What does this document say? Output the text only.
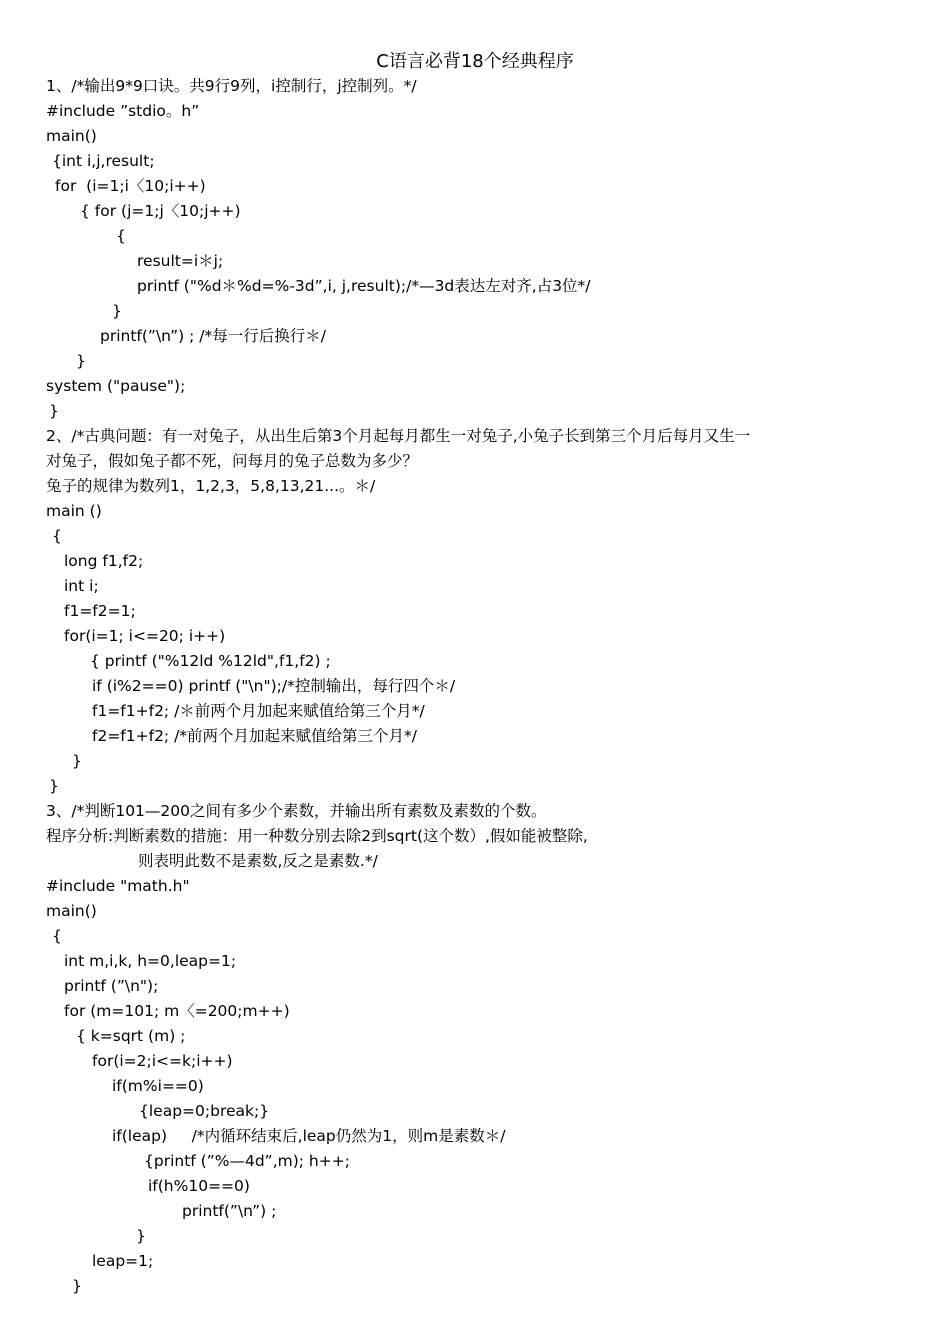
C语言必背18个经典程序
1、/*输出9*9口诀。共9行9列，i控制行，j控制列。*/
#include ”stdio。h”
main()
{int i,j,result;
for  (i=1;i〈10;i++)
{ for (j=1;j〈10;j++)
{
result=i＊j;
printf ("%d＊%d=%-3d”,i, j,result);/*—3d表达左对齐,占3位*/
}
printf(”\n”) ; /*每一行后换行＊/
}
system ("pause");
}
2、/*古典问题：有一对兔子，从出生后第3个月起每月都生一对兔子,小兔子长到第三个月后每月又生一
对兔子，假如兔子都不死，问每月的兔子总数为多少？
兔子的规律为数列1，1,2,3，5,8,13,21...。＊/
main ()
{
long f1,f2;
int i;
f1=f2=1;
for(i=1; i<=20; i++)
{ printf ("%12ld %12ld",f1,f2) ;
if (i%2==0) printf ("\n");/*控制输出，每行四个＊/
f1=f1+f2; /＊前两个月加起来赋值给第三个月*/
f2=f1+f2; /*前两个月加起来赋值给第三个月*/
}
}
3、/*判断101—200之间有多少个素数，并输出所有素数及素数的个数。
程序分析:判断素数的措施：用一种数分别去除2到sqrt(这个数）,假如能被整除,
则表明此数不是素数,反之是素数.*/
#include "math.h"
main()
{
int m,i,k, h=0,leap=1;
printf (”\n");
for (m=101; m〈=200;m++)
{ k=sqrt (m) ;
for(i=2;i<=k;i++)
if(m%i==0)
{leap=0;break;}
if(leap)     /*内循环结束后,leap仍然为1，则m是素数＊/
{printf (”%—4d”,m); h++;
if(h%10==0)
printf(”\n”) ;
}
leap=1;
}
